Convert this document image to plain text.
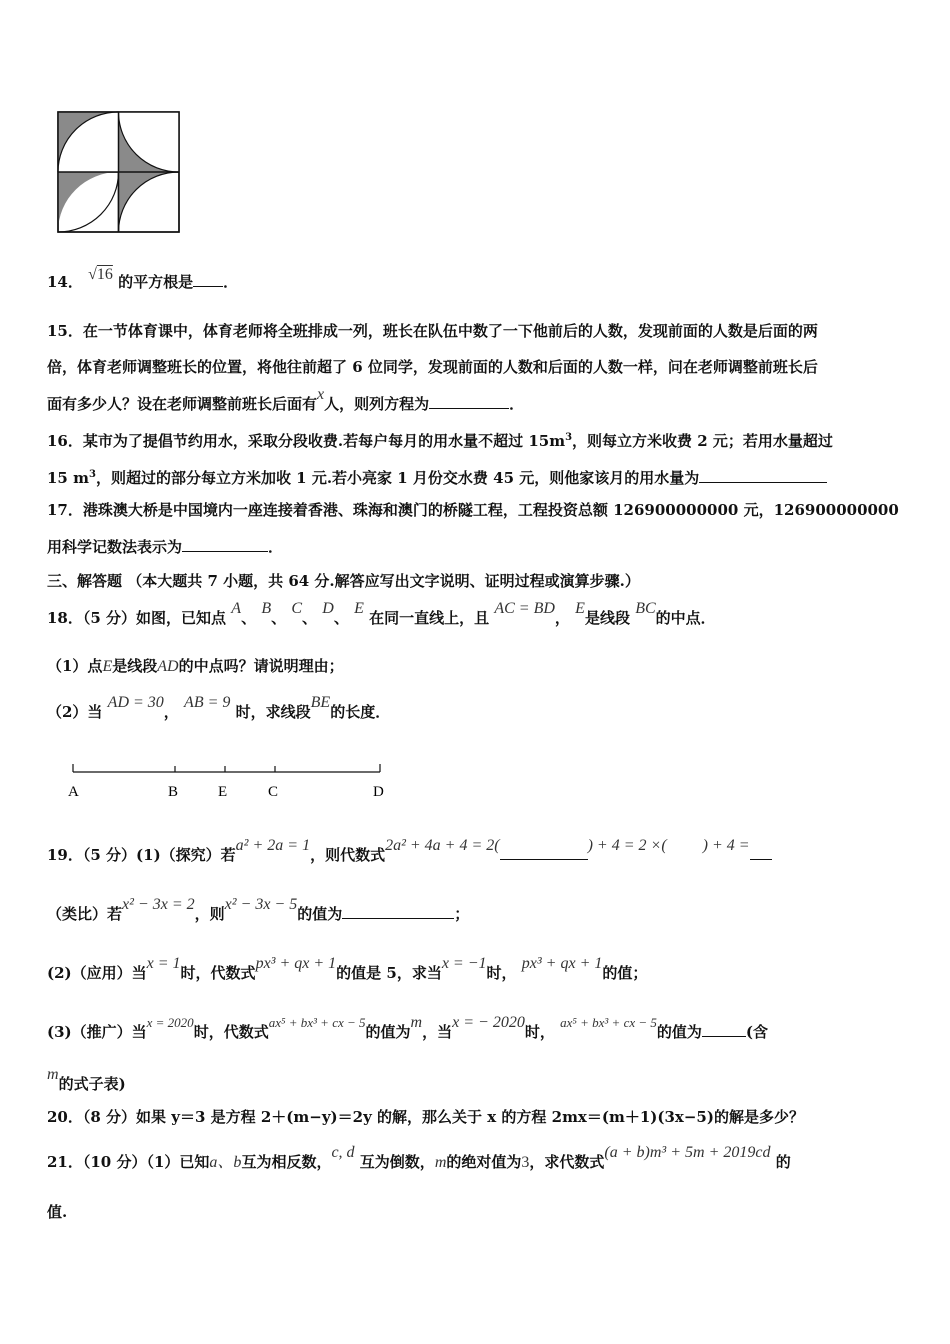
14． √16 的平方根是 ．
15．在一节体育课中，体育老师将全班排成一列，班长在队伍中数了一下他前后的人数，发现前面的人数是后面的两
倍，体育老师调整班长的位置，将他往前超了 6 位同学，发现前面的人数和后面的人数一样，问在老师调整前班长后
面有多少人？设在老师调整前班长后面有x人，则列方程为	．
16．某市为了提倡节约用水，采取分段收费.若每户每月的用水量不超过 $15m^3$，则每立方米收费 2 元；若用水量超过
15 $m^3$，则超过的部分每立方米加收 1 元.若小亮家 1 月份交水费 45 元，则他家该月的用水量为
17．港珠澳大桥是中国境内一座连接着香港、珠海和澳门的桥隧工程，工程投资总额 126900000000 元，126900000000
用科学记数法表示为	．
三、解答题 （本大题共 7 小题，共 64 分.解答应写出文字说明、证明过程或演算步骤.）
18．（5 分）如图，已知点 A、 B、 C、 D、 E 在同一直线上，且 AC = BD， E是线段 BC的中点．
（1）点E是线段AD的中点吗？请说明理由；
（2）当 AD = 30， AB = 9 时，求线段BE的长度．
A	B	E	C	D
19．（5 分）(1)（探究）若a² + 2a = 1，则代数式2a² + 4a + 4 = 2(	) + 4 = 2 ×( ) + 4 =
（类比）若x² − 3x = 2，则x² − 3x − 5的值为	；
(2)（应用）当x = 1时，代数式px³ + qx + 1的值是 5，求当x = −1时， px³ + qx + 1的值；
(3)（推广）当x = 2020时，代数式ax⁵ + bx³ + cx − 5的值为m，当x = − 2020时， ax⁵ + bx³ + cx − 5的值为	(含
m的式子表)
20．（8 分）如果 y＝3 是方程 2＋(m−y)＝2y 的解，那么关于 x 的方程 2mx＝(m＋1)(3x−5)的解是多少？
21．（10 分）（1）已知a、b互为相反数，c, d 互为倒数，m的绝对值为3，求代数式(a + b)m³ + 5m + 2019cd 的
值.
